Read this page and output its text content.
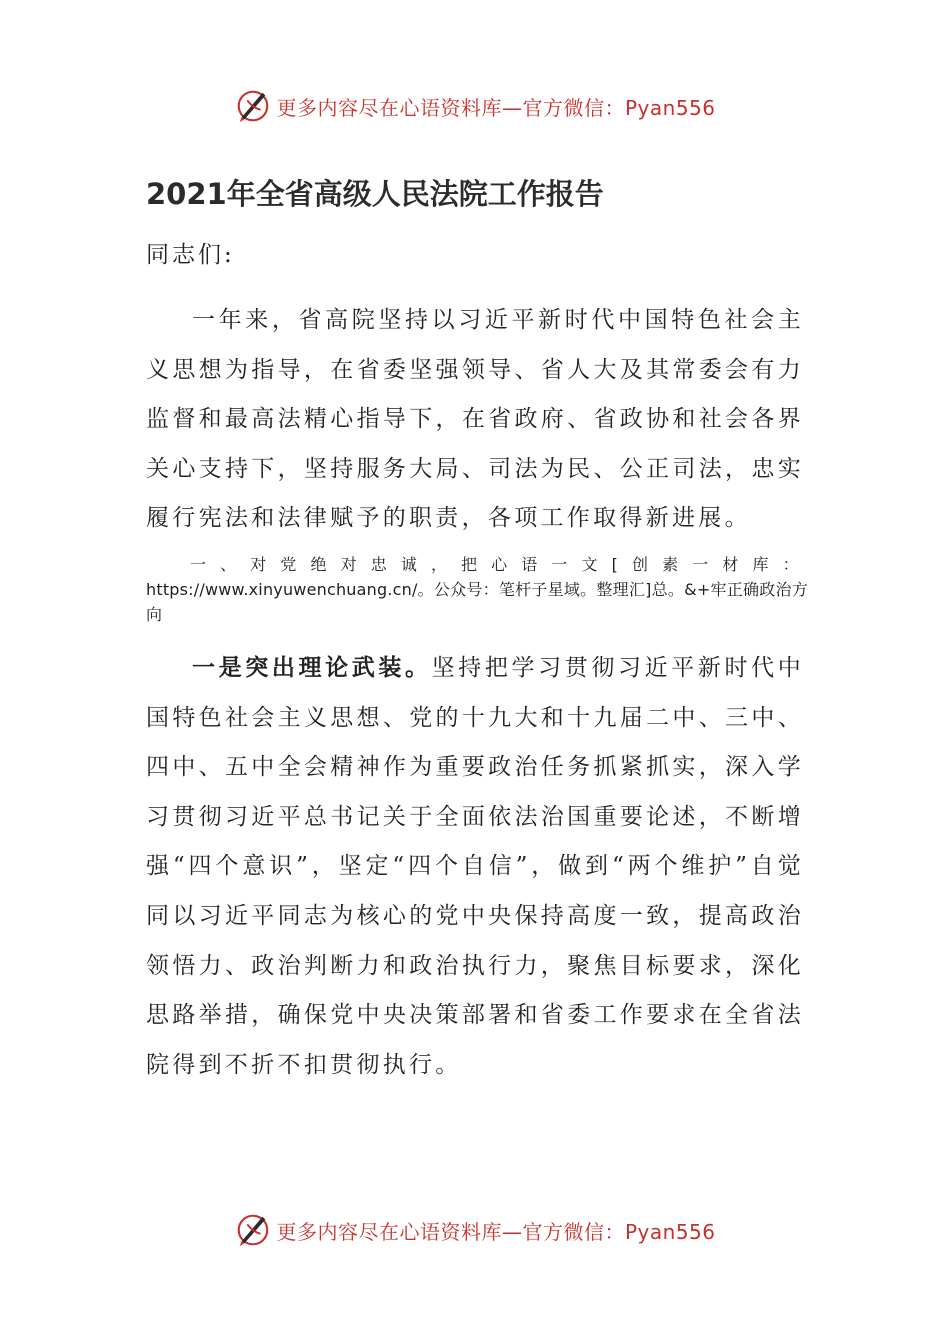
更多内容尽在心语资料库—官方微信：Pyan556
2021年全省高级人民法院工作报告

同志们:

一年来，省高院坚持以习近平新时代中国特色社会主义思想为指导，在省委坚强领导、省人大及其常委会有力监督和最高法精心指导下，在省政府、省政协和社会各界关心支持下，坚持服务大局、司法为民、公正司法，忠实履行宪法和法律赋予的职责，各项工作取得新进展。

一、对党绝对忠诚，把心语一文[创素一材库：https://www.xinyuwenchuang.cn/。公众号：笔杆子星域。整理汇]总。&+牢正确政治方向

一是突出理论武装。坚持把学习贯彻习近平新时代中国特色社会主义思想、党的十九大和十九届二中、三中、四中、五中全会精神作为重要政治任务抓紧抓实，深入学习贯彻习近平总书记关于全面依法治国重要论述，不断增强“四个意识”，坚定“四个自信”，做到“两个维护”自觉同以习近平同志为核心的党中央保持高度一致，提高政治领悟力、政治判断力和政治执行力，聚焦目标要求，深化思路举措，确保党中央决策部署和省委工作要求在全省法院得到不折不扣贯彻执行。

更多内容尽在心语资料库—官方微信：Pyan556
